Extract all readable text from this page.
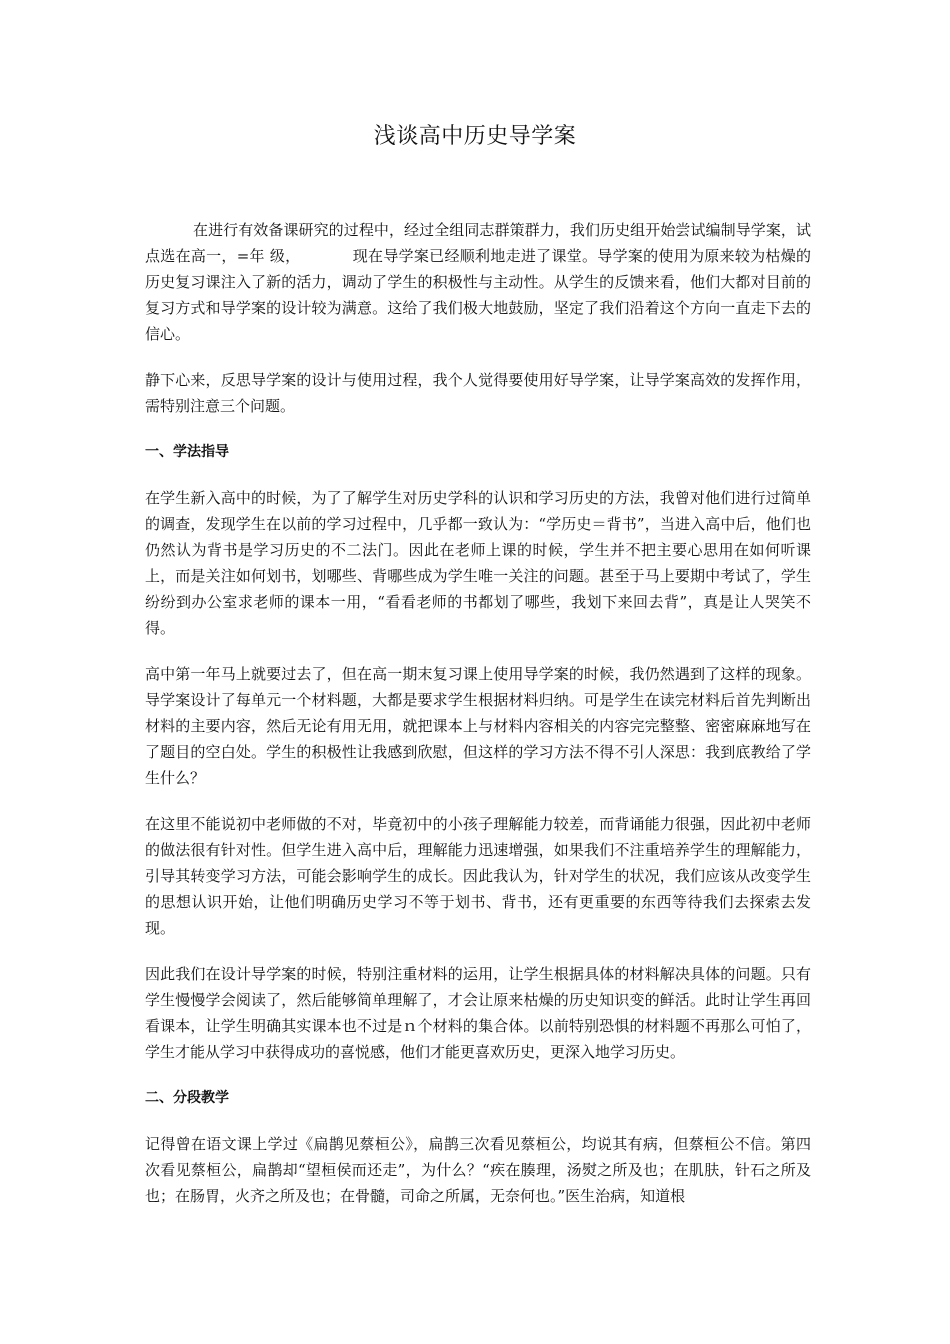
浅谈高中历史导学案

在进行有效备课研究的过程中，经过全组同志群策群力，我们历史组开始尝试编制导学案，试点选在高一，=年 级，	现在导学案已经顺利地走进了课堂。导学案的使用为原来较为枯燥的历史复习课注入了新的活力，调动了学生的积极性与主动性。从学生的反馈来看，他们大都对目前的复习方式和导学案的设计较为满意。这给了我们极大地鼓励，坚定了我们沿着这个方向一直走下去的信心。

静下心来，反思导学案的设计与使用过程，我个人觉得要使用好导学案，让导学案高效的发挥作用，需特别注意三个问题。

一、学法指导

在学生新入高中的时候，为了了解学生对历史学科的认识和学习历史的方法，我曾对他们进行过简单的调查，发现学生在以前的学习过程中，几乎都一致认为：“学历史＝背书”，当进入高中后，他们也仍然认为背书是学习历史的不二法门。因此在老师上课的时候，学生并不把主要心思用在如何听课上，而是关注如何划书，划哪些、背哪些成为学生唯一关注的问题。甚至于马上要期中考试了，学生纷纷到办公室求老师的课本一用，“看看老师的书都划了哪些，我划下来回去背”，真是让人哭笑不得。

高中第一年马上就要过去了，但在高一期末复习课上使用导学案的时候，我仍然遇到了这样的现象。导学案设计了每单元一个材料题，大都是要求学生根据材料归纳。可是学生在读完材料后首先判断出材料的主要内容，然后无论有用无用，就把课本上与材料内容相关的内容完完整整、密密麻麻地写在了题目的空白处。学生的积极性让我感到欣慰，但这样的学习方法不得不引人深思：我到底教给了学生什么？

在这里不能说初中老师做的不对，毕竟初中的小孩子理解能力较差，而背诵能力很强，因此初中老师的做法很有针对性。但学生进入高中后，理解能力迅速增强，如果我们不注重培养学生的理解能力，引导其转变学习方法，可能会影响学生的成长。因此我认为，针对学生的状况，我们应该从改变学生的思想认识开始，让他们明确历史学习不等于划书、背书，还有更重要的东西等待我们去探索去发现。

因此我们在设计导学案的时候，特别注重材料的运用，让学生根据具体的材料解决具体的问题。只有学生慢慢学会阅读了，然后能够简单理解了，才会让原来枯燥的历史知识变的鲜活。此时让学生再回看课本，让学生明确其实课本也不过是ｎ个材料的集合体。以前特别恐惧的材料题不再那么可怕了，学生才能从学习中获得成功的喜悦感，他们才能更喜欢历史，更深入地学习历史。

二、分段教学

记得曾在语文课上学过《扁鹊见蔡桓公》，扁鹊三次看见蔡桓公，均说其有病，但蔡桓公不信。第四次看见蔡桓公，扁鹊却“望桓侯而还走”，为什么？“疾在腠理，汤熨之所及也；在肌肤，针石之所及也；在肠胃，火齐之所及也；在骨髓，司命之所属，无奈何也。”医生治病，知道根
